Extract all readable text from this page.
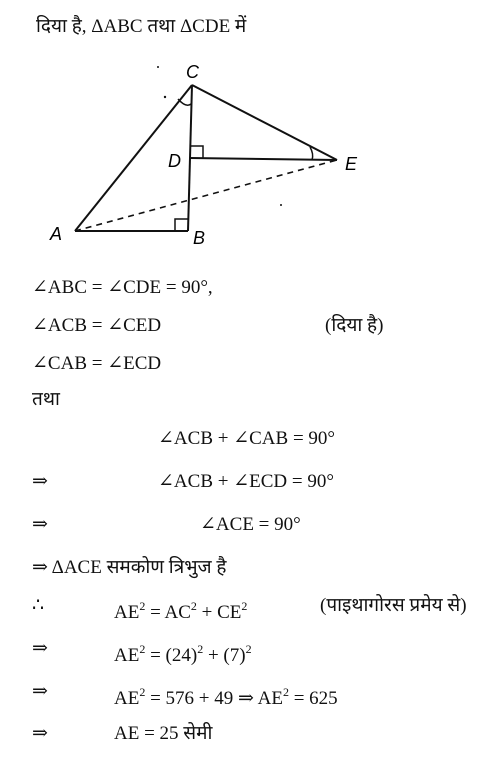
दिया है, ΔABC तथा ΔCDE में
C
D	E
A	B
∠ABC = ∠CDE = 90°,
∠ACB = ∠CED	(दिया है)
∠CAB = ∠ECD
तथा
∠ACB + ∠CAB = 90°
⇒	∠ACB + ∠ECD = 90°
⇒	∠ACE = 90°
⇒ ΔACE समकोण त्रिभुज है
∴	$AE^2 = AC^2 + CE^2$	(पाइथागोरस प्रमेय से)
⇒	$AE^2 = (24)^2 + (7)^2$
⇒	$AE^2 = 576 + 49$ ⇒ $AE^2 = 625$
⇒	AE = 25 सेमी
